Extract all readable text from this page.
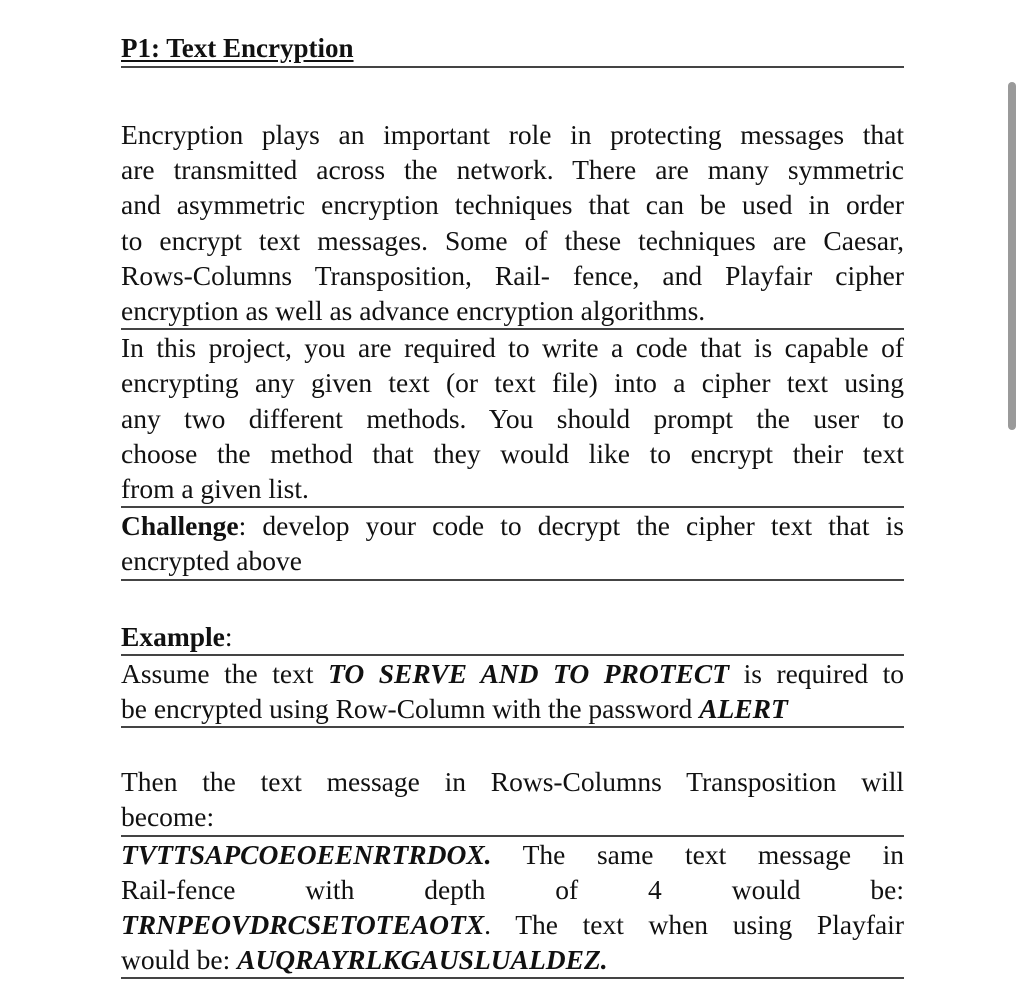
P1: Text Encryption
Encryption plays an important role in protecting messages that
are transmitted across the network. There are many symmetric
and asymmetric encryption techniques that can be used in order
to encrypt text messages. Some of these techniques are Caesar,
Rows-Columns Transposition, Rail- fence, and Playfair cipher
encryption as well as advance encryption algorithms.
In this project, you are required to write a code that is capable of
encrypting any given text (or text file) into a cipher text using
any two different methods. You should prompt the user to
choose the method that they would like to encrypt their text
from a given list.
Challenge: develop your code to decrypt the cipher text that is
encrypted above
Example:
Assume the text TO SERVE AND TO PROTECT is required to
be encrypted using Row-Column with the password ALERT
Then the text message in Rows-Columns Transposition will
become:
TVTTSAPCOEOEENRTRDOX. The same text message in
Rail-fence with depth of 4 would be:
TRNPEOVDRCSETOTEAOTX. The text when using Playfair
would be: AUQRAYRLKGAUSLUALDEZ.
